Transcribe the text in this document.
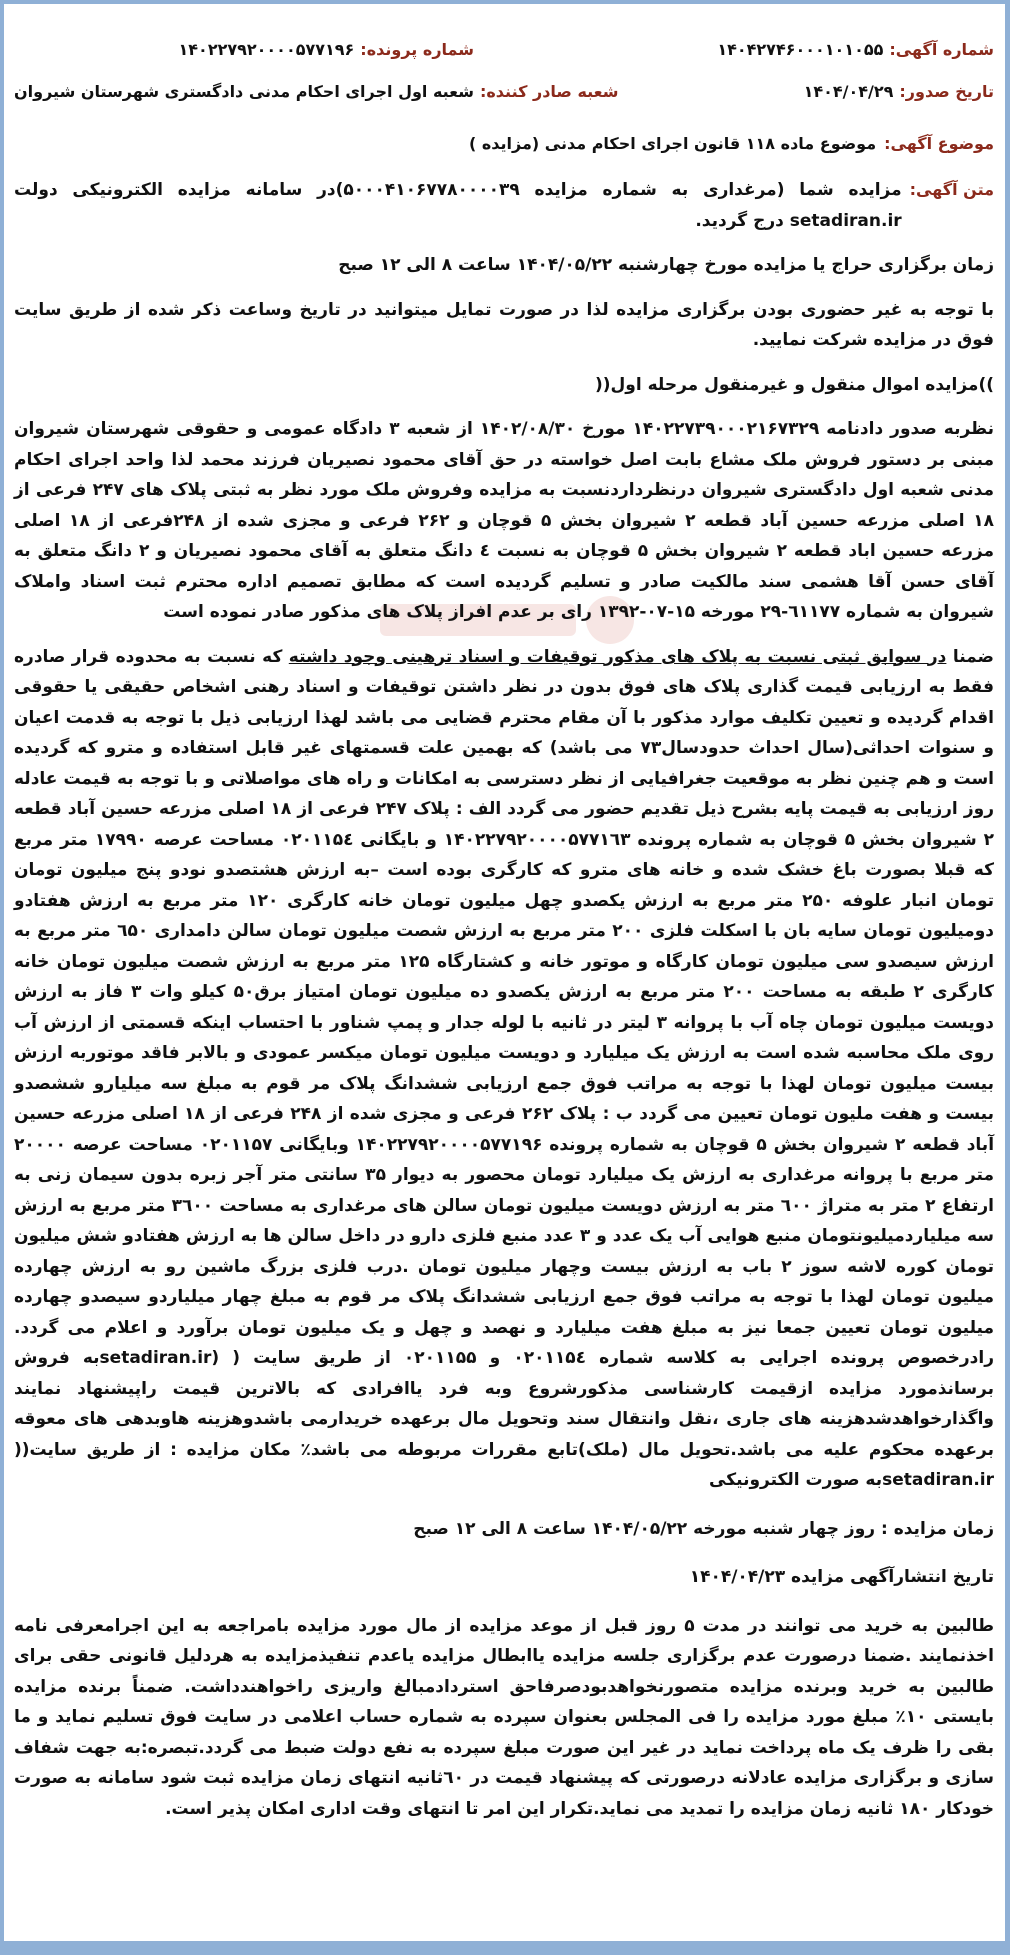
شماره آگهی:
۱۴۰۴۲۷۴۶۰۰۰۱۰۱۰۵۵
شماره پرونده:
۱۴۰۲۲۷۹۲۰۰۰۰۵۷۷۱۹۶
تاریخ صدور:
۱۴۰۴/۰۴/۲۹
شعبه صادر کننده:
شعبه اول اجرای احکام مدنی دادگستری شهرستان شیروان
موضوع آگهی:
موضوع ماده ۱۱۸ قانون اجرای احکام مدنی (مزایده )
متن آگهی:

مزایده شما (مرغداری به شماره مزایده ۵۰۰۰۴۱۰۶۷۷۸۰۰۰۰۳۹)در سامانه مزایده الکترونیکی دولت setadiran.ir درج گردید.

زمان برگزاری حراج یا مزایده مورخ چهارشنبه ۱۴۰۴/۰۵/۲۲ ساعت ۸ الی ۱۲ صبح

با توجه به غیر حضوری بودن برگزاری مزایده لذا در صورت تمایل میتوانید در تاریخ وساعت ذکر شده از طریق سایت فوق در مزایده شرکت نمایید.

))مزایده اموال منقول و غیرمنقول مرحله اول((

نظربه صدور دادنامه ۱۴۰۲۲۷۳۹۰۰۰۲۱۶۷۳۲۹ مورخ ۱۴۰۲/۰۸/۳۰ از شعبه ۳ دادگاه عمومی و حقوقی شهرستان شیروان مبنی بر دستور فروش ملک مشاع بابت اصل خواسته در حق آقای محمود نصیریان فرزند محمد لذا واحد اجرای احکام مدنی شعبه اول دادگستری شیروان درنظرداردنسبت به مزایده وفروش ملک مورد نظر به ثبتی پلاک های ۲۴۷ فرعی از ۱۸ اصلی مزرعه حسین آباد قطعه ۲ شیروان بخش ۵ قوچان و ۲۶۲ فرعی و مجزی شده از ۲۴۸فرعی از ۱۸ اصلی مزرعه حسین اباد قطعه ۲ شیروان بخش ۵ قوچان به نسبت ٤ دانگ متعلق به آقای محمود نصیریان و ۲ دانگ متعلق به آقای حسن آقا هشمی سند مالکیت صادر و تسلیم گردیده است که مطابق تصمیم اداره محترم ثبت اسناد واملاک شیروان به شماره ٦١١٧٧-۲۹ مورخه ۱۵-۰۷-۱۳۹۲ رای بر عدم افراز پلاک های مذکور صادر نموده است

ضمنا در سوابق ثبتی نسبت به پلاک های مذکور توقیفات و اسناد ترهینی وجود داشته که نسبت به محدوده قرار صادره فقط به ارزیابی قیمت گذاری پلاک های فوق بدون در نظر داشتن توقیفات و اسناد رهنی اشخاص حقیقی یا حقوقی اقدام گردیده و تعیین تکلیف موارد مذکور با آن مقام محترم قضایی می باشد لهذا ارزیابی ذیل با توجه به قدمت اعیان و سنوات احداثی(سال احداث حدودسال۷۳ می باشد) که بهمین علت قسمتهای غیر قابل استفاده و مترو که گردیده است و هم چنین نظر به موقعیت جغرافیایی از نظر دسترسی به امکانات و راه های مواصلاتی و با توجه به قیمت عادله روز ارزیابی به قیمت پایه بشرح ذیل تقدیم حضور می گردد الف : پلاک ۲۴۷ فرعی از ۱۸ اصلی مزرعه حسین آباد قطعه ۲ شیروان بخش ۵ قوچان به شماره پرونده ۱۴۰۲۲۷۹۲۰۰۰۰۵۷۷۱٦۳ و بایگانی ۰۲۰۱۱۵٤ مساحت عرصه ۱۷۹۹۰ متر مربع که قبلا بصورت باغ خشک شده و خانه های مترو که کارگری بوده است –به ارزش هشتصدو نودو پنج میلیون تومان تومان انبار علوفه ۲۵۰ متر مربع به ارزش یکصدو چهل میلیون تومان خانه کارگری ۱۲۰ متر مربع به ارزش هفتادو دومیلیون تومان سایه بان با اسکلت فلزی ۲۰۰ متر مربع به ارزش شصت میلیون تومان سالن دامداری ٦۵۰ متر مربع به ارزش سیصدو سی میلیون تومان کارگاه و موتور خانه و کشتارگاه ۱۲۵ متر مربع به ارزش شصت میلیون تومان خانه کارگری ۲ طبقه به مساحت ۲۰۰ متر مربع به ارزش یکصدو ده میلیون تومان امتیاز برق۵۰ کیلو وات ۳ فاز به ارزش دویست میلیون تومان چاه آب با پروانه ۳ لیتر در ثانیه با لوله جدار و پمپ شناور با احتساب اینکه قسمتی از ارزش آب روی ملک محاسبه شده است به ارزش یک میلیارد و دویست میلیون تومان میکسر عمودی و بالابر فاقد موتوربه ارزش بیست میلیون تومان لهذا با توجه به مراتب فوق جمع ارزیابی ششدانگ پلاک مر قوم به مبلغ سه میلیارو ششصدو بیست و هفت مليون تومان تعیین می گردد ب : پلاک ۲۶۲ فرعی و مجزی شده از ۲۴۸ فرعی از ۱۸ اصلی مزرعه حسین آباد قطعه ۲ شیروان بخش ۵ قوچان به شماره پرونده ۱۴۰۲۲۷۹۲۰۰۰۰۵۷۷۱۹۶ وبایگانی ۰۲۰۱۱۵۷ مساحت عرصه ۲۰۰۰۰ متر مربع با پروانه مرغداری به ارزش یک میلیارد تومان محصور به دیوار ۳۵ سانتی متر آجر زبره بدون سیمان زنی به ارتفاع ۲ متر به متراژ ٦۰۰ متر به ارزش دویست میلیون تومان سالن های مرغداری به مساحت ۳٦۰۰ متر مربع به ارزش سه میلیاردمیلیونتومان منبع هوایی آب یک عدد و ۳ عدد منبع فلزی دارو در داخل سالن ها به ارزش هفتادو شش میلیون تومان کوره لاشه سوز ۲ باب به ارزش بیست وچهار میلیون تومان .درب فلزی بزرگ ماشین رو به ارزش چهارده میلیون تومان لهذا با توجه به مراتب فوق جمع ارزیابی ششدانگ پلاک مر قوم به مبلغ چهار میلیاردو سیصدو چهارده میلیون تومان تعیین جمعا نیز به مبلغ هفت میلیارد و نهصد و چهل و یک میلیون تومان برآورد و اعلام می گردد. رادرخصوص پرونده اجرایی به کلاسه شماره ۰۲۰۱۱۵٤ و ۰۲۰۱۱۵۵ از طریق سایت ( (setadiran.irبه فروش برسانذمورد مزایده ازقیمت کارشناسی مذکورشروع وبه فرد یاافرادی که بالاترین قیمت راپیشنهاد نمایند واگذارخواهدشدهزینه های جاری ،نقل وانتقال سند وتحویل مال برعهده خریدارمی باشدوهزینه هاوبدهی های معوقه برعهده محکوم علیه می باشد.تحویل مال (ملک)تابع مقررات مربوطه می باشد٪ مکان مزایده : از طریق سایت(( setadiran.irبه صورت الکترونیکی

زمان مزایده : روز چهار شنبه مورخه ۱۴۰۴/۰۵/۲۲ ساعت ۸ الی ۱۲ صبح

تاریخ انتشارآگهی مزایده ۱۴۰۴/۰۴/۲۳

طالبین به خرید می توانند در مدت ۵ روز قبل از موعد مزایده از مال مورد مزایده بامراجعه به این اجرامعرفی نامه اخذنمایند .ضمنا درصورت عدم برگزاری جلسه مزایده یاابطال مزایده یاعدم تنفیذمزایده به هردلیل قانونی حقی برای طالبین به خرید وبرنده مزایده متصورنخواهدبودصرفاحق استردادمبالغ واریزی راخواهندداشت. ضمناً برنده مزایده بایستی ۱۰٪ مبلغ مورد مزایده را فی المجلس بعنوان سپرده به شماره حساب اعلامی در سایت فوق تسلیم نماید و ما بقی را ظرف یک ماه پرداخت نماید در غیر این صورت مبلغ سپرده به نفع دولت ضبط می گردد.تبصره:به جهت شفاف سازی و برگزاری مزایده عادلانه درصورتی که پیشنهاد قیمت در ٦۰ثانیه انتهای زمان مزایده ثبت شود سامانه به صورت خودکار ۱۸۰ ثانیه زمان مزایده را تمدید می نماید.تکرار این امر تا انتهای وقت اداری امکان پذیر است.
